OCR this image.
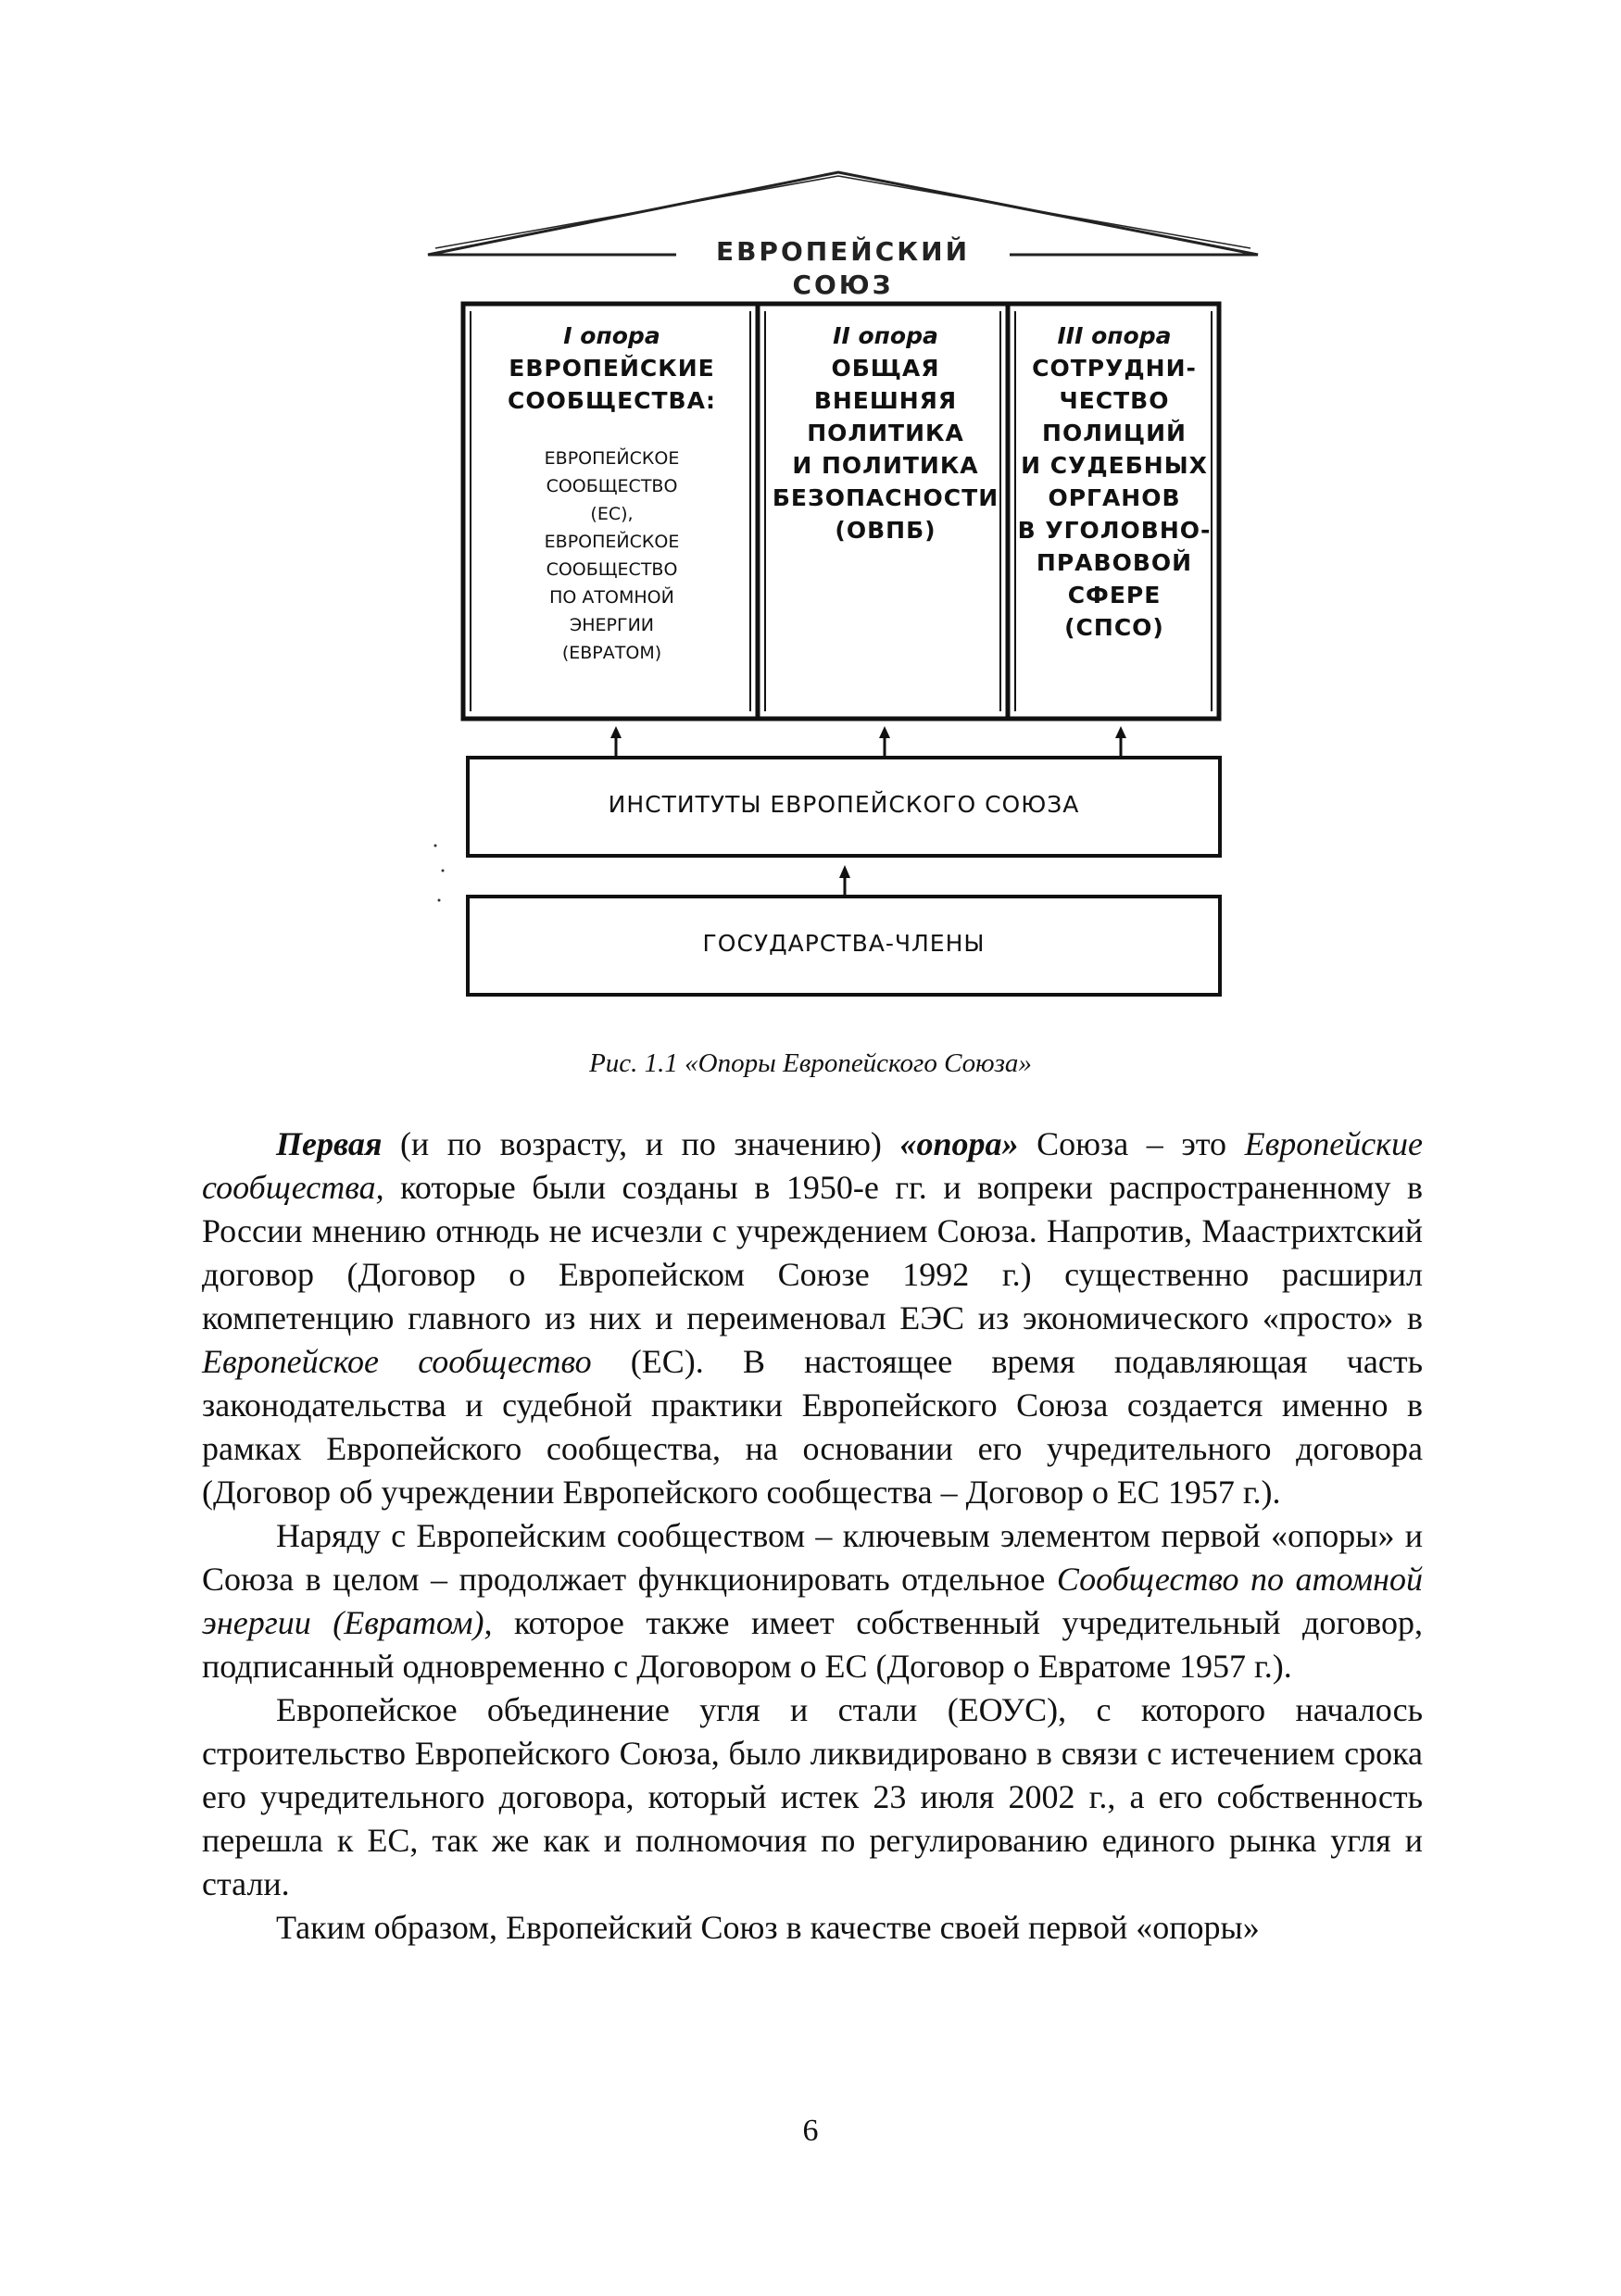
ЕВРОПЕЙСКИЙ СОЮЗ
I опора
ЕВРОПЕЙСКИЕ
СООБЩЕСТВА:
ЕВРОПЕЙСКОЕ
СООБЩЕСТВО
(ЕС),
ЕВРОПЕЙСКОЕ
СООБЩЕСТВО
ПО АТОМНОЙ
ЭНЕРГИИ
(ЕВРАТОМ)
II опора
ОБЩАЯ
ВНЕШНЯЯ
ПОЛИТИКА
И ПОЛИТИКА
БЕЗОПАСНОСТИ
(ОВПБ)
III опора
СОТРУДНИ-
ЧЕСТВО
ПОЛИЦИЙ
И СУДЕБНЫХ
ОРГАНОВ
В УГОЛОВНО-
ПРАВОВОЙ
СФЕРЕ
(СПСО)
ИНСТИТУТЫ ЕВРОПЕЙСКОГО СОЮЗА
ГОСУДАРСТВА-ЧЛЕНЫ
Рис. 1.1 «Опоры Европейского Союза»

Первая (и по возрасту, и по значению) «опора» Союза – это Европейские сообщества, которые были созданы в 1950-е гг. и вопреки распространенному в России мнению отнюдь не исчезли с учреждением Союза. Напротив, Маастрихтский договор (Договор о Европейском Союзе 1992 г.) существенно расширил компетенцию главного из них и переименовал ЕЭС из экономического «просто» в Европейское сообщество (ЕС). В настоящее время подавляющая часть законодательства и судебной практики Европейского Союза создается именно в рамках Европейского сообщества, на основании его учредительного договора (Договор об учреждении Европейского сообщества – Договор о ЕС 1957 г.).

Наряду с Европейским сообществом – ключевым элементом первой «опоры» и Союза в целом – продолжает функционировать отдельное Сообщество по атомной энергии (Евратом), которое также имеет собственный учредительный договор, подписанный одновременно с Договором о ЕС (Договор о Евратоме 1957 г.).

Европейское объединение угля и стали (ЕОУС), с которого началось строительство Европейского Союза, было ликвидировано в связи с истечением срока его учредительного договора, который истек 23 июля 2002 г., а его собственность перешла к ЕС, так же как и полномочия по регулированию единого рынка угля и стали.

Таким образом, Европейский Союз в качестве своей первой «опоры»

6
